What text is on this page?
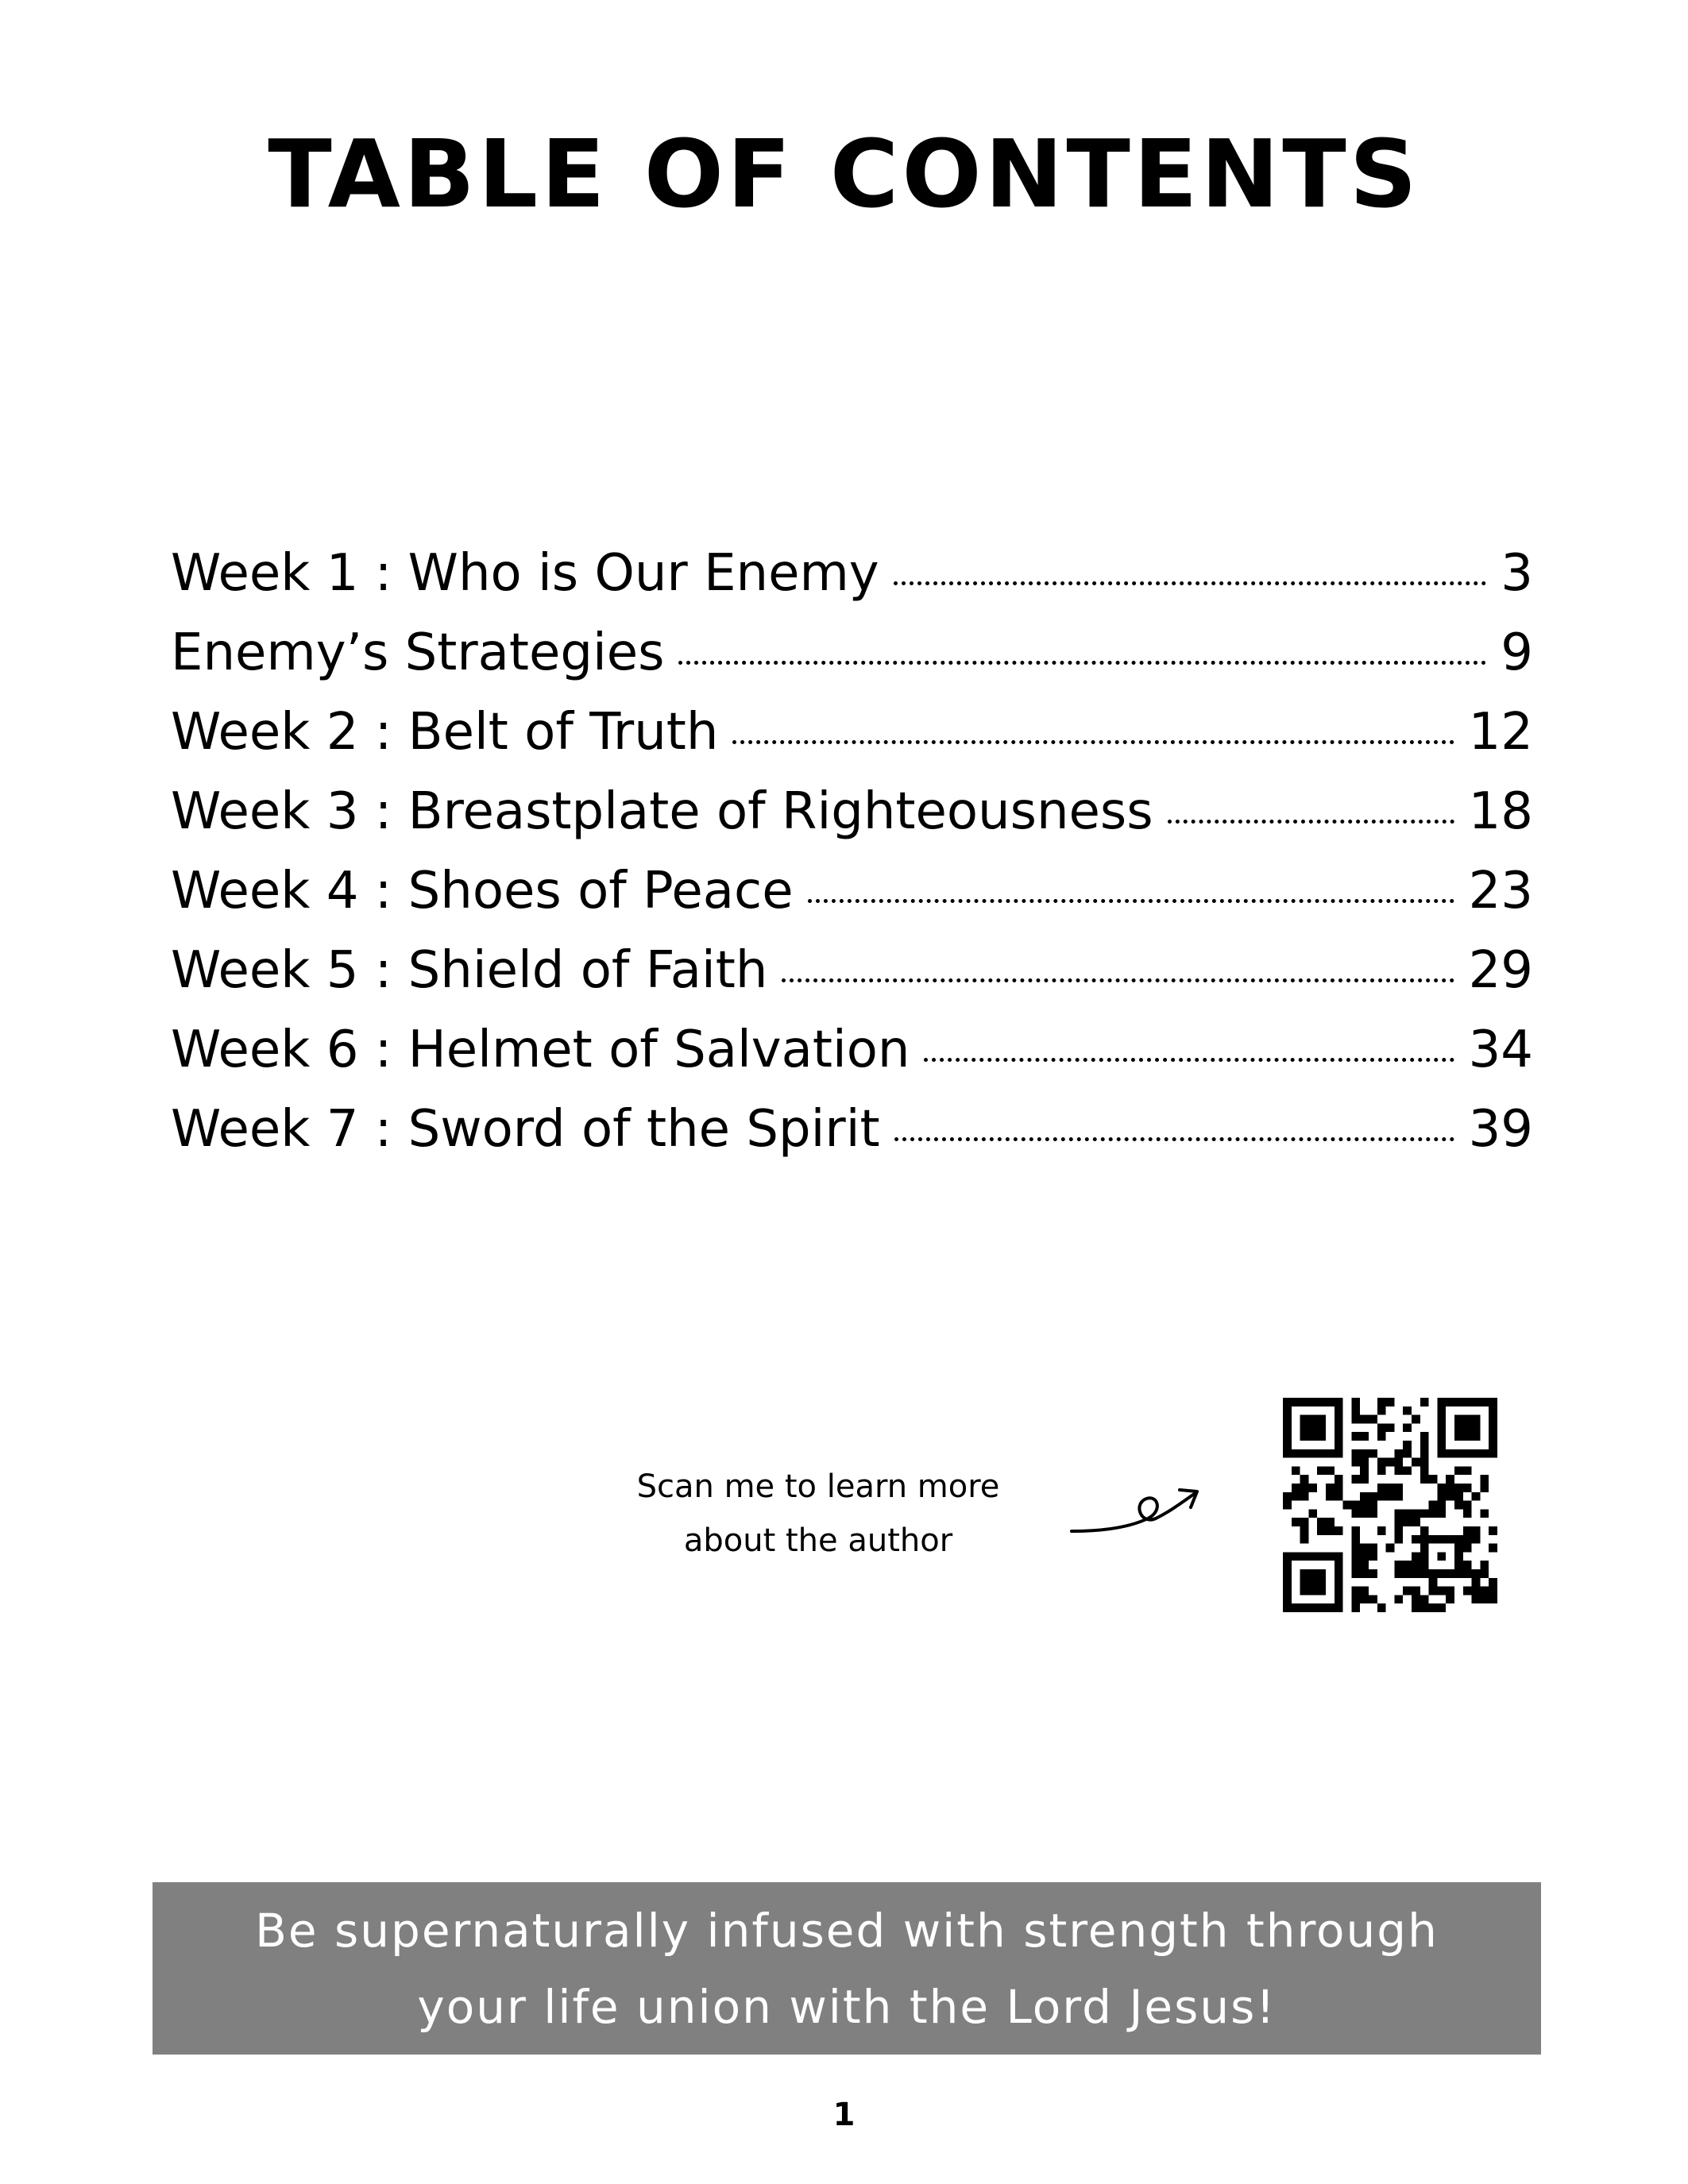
TABLE OF CONTENTS
Week 1 : Who is Our Enemy	3
Enemy’s Strategies	9
Week 2 : Belt of Truth	12
Week 3 : Breastplate of Righteousness	18
Week 4 : Shoes of Peace	23
Week 5 : Shield of Faith	29
Week 6 : Helmet of Salvation	34
Week 7 : Sword of the Spirit	39
Scan me to learn more
about the author
Be supernaturally infused with strength through
your life union with the Lord Jesus!
1
